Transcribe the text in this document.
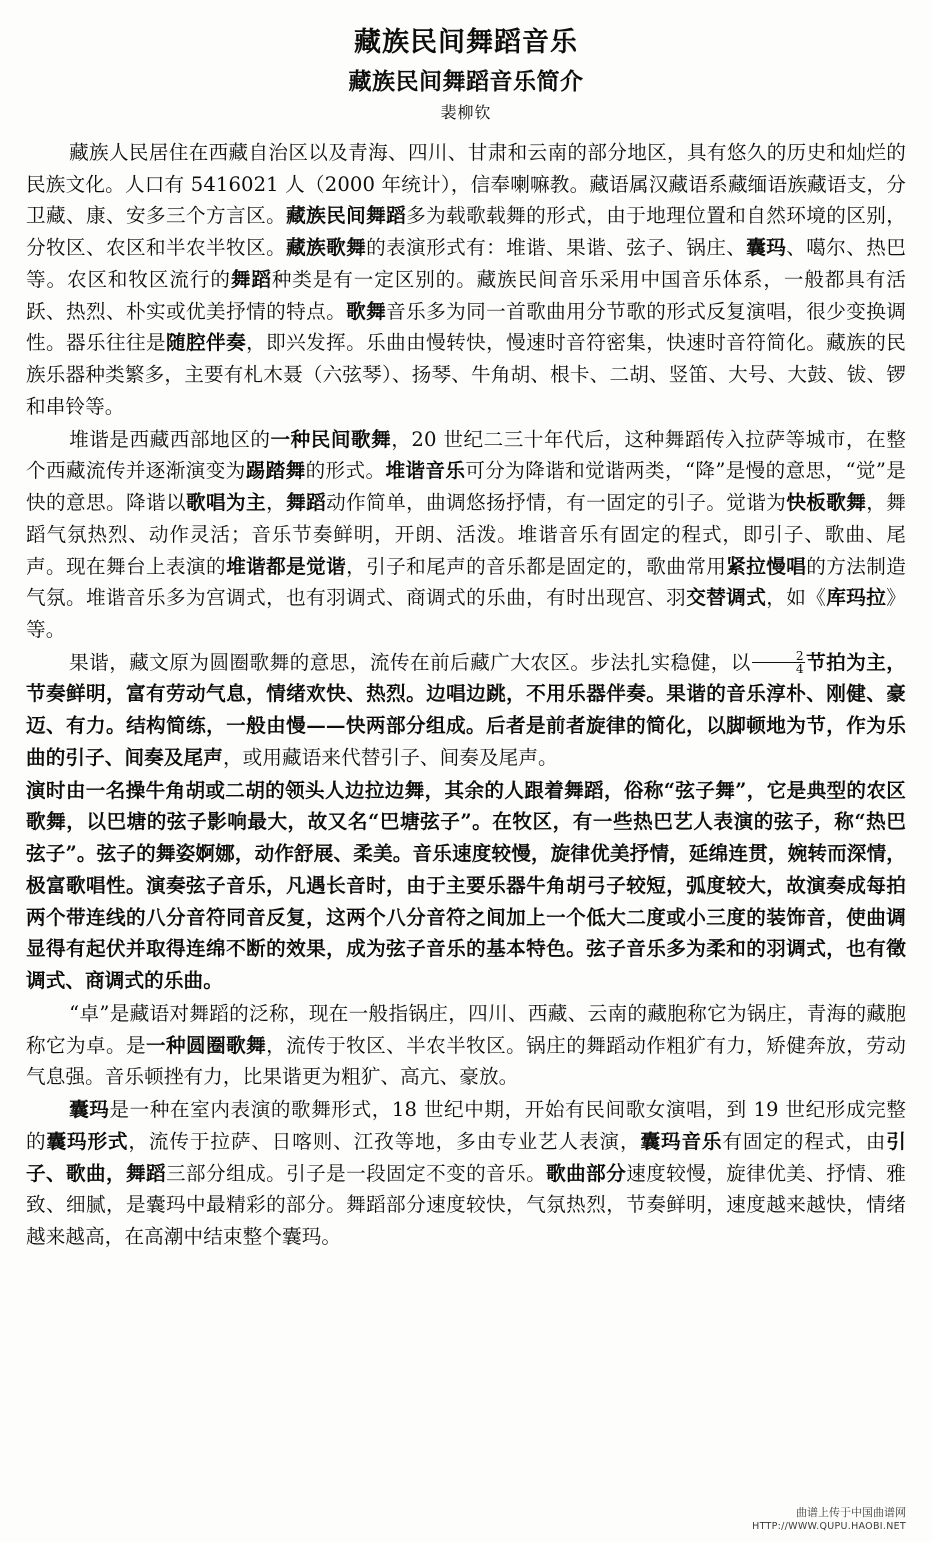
藏族民间舞蹈音乐
藏族民间舞蹈音乐简介
裴柳钦

藏族人民居住在西藏自治区以及青海、四川、甘肃和云南的部分地区，具有悠久的历史和灿烂的民族文化。人口有 5416021 人（2000 年统计），信奉喇嘛教。藏语属汉藏语系藏缅语族藏语支，分卫藏、康、安多三个方言区。藏族民间舞蹈多为载歌载舞的形式，由于地理位置和自然环境的区别，分牧区、农区和半农半牧区。藏族歌舞的表演形式有：堆谐、果谐、弦子、锅庄、囊玛、噶尔、热巴等。农区和牧区流行的舞蹈种类是有一定区别的。藏族民间音乐采用中国音乐体系，一般都具有活跃、热烈、朴实或优美抒情的特点。歌舞音乐多为同一首歌曲用分节歌的形式反复演唱，很少变换调性。器乐往往是随腔伴奏，即兴发挥。乐曲由慢转快，慢速时音符密集，快速时音符简化。藏族的民族乐器种类繁多，主要有札木聂（六弦琴）、扬琴、牛角胡、根卡、二胡、竖笛、大号、大鼓、钹、锣和串铃等。

堆谐是西藏西部地区的一种民间歌舞，20 世纪二三十年代后，这种舞蹈传入拉萨等城市，在整个西藏流传并逐渐演变为踢踏舞的形式。堆谐音乐可分为降谐和觉谐两类，“降”是慢的意思，“觉”是快的意思。降谐以歌唱为主，舞蹈动作简单，曲调悠扬抒情，有一固定的引子。觉谐为快板歌舞，舞蹈气氛热烈、动作灵活；音乐节奏鲜明，开朗、活泼。堆谐音乐有固定的程式，即引子、歌曲、尾声。现在舞台上表演的堆谐都是觉谐，引子和尾声的音乐都是固定的，歌曲常用紧拉慢唱的方法制造气氛。堆谐音乐多为宫调式，也有羽调式、商调式的乐曲，有时出现宫、羽交替调式，如《库玛拉》等。

果谐，藏文原为圆圈歌舞的意思，流传在前后藏广大农区。步法扎实稳健，以 $\frac{2}{4}$ 节拍为主，节奏鲜明，富有劳动气息，情绪欢快、热烈。边唱边跳，不用乐器伴奏。果谐的音乐淳朴、刚健、豪迈、有力。结构简练，一般由慢——快两部分组成。后者是前者旋律的简化，以脚顿地为节，作为乐曲的引子、间奏及尾声，或用藏语来代替引子、间奏及尾声。

演时由一名操牛角胡或二胡的领头人边拉边舞，其余的人跟着舞蹈，俗称“弦子舞”，它是典型的农区歌舞，以巴塘的弦子影响最大，故又名“巴塘弦子”。在牧区，有一些热巴艺人表演的弦子，称“热巴弦子”。弦子的舞姿婀娜，动作舒展、柔美。音乐速度较慢，旋律优美抒情，延绵连贯，婉转而深情，极富歌唱性。演奏弦子音乐，凡遇长音时，由于主要乐器牛角胡弓子较短，弧度较大，故演奏成每拍两个带连线的八分音符同音反复，这两个八分音符之间加上一个低大二度或小三度的装饰音，使曲调显得有起伏并取得连绵不断的效果，成为弦子音乐的基本特色。弦子音乐多为柔和的羽调式，也有徵调式、商调式的乐曲。

“卓”是藏语对舞蹈的泛称，现在一般指锅庄，四川、西藏、云南的藏胞称它为锅庄，青海的藏胞称它为卓。是一种圆圈歌舞，流传于牧区、半农半牧区。锅庄的舞蹈动作粗犷有力，矫健奔放，劳动气息强。音乐顿挫有力，比果谐更为粗犷、高亢、豪放。

囊玛是一种在室内表演的歌舞形式，18 世纪中期，开始有民间歌女演唱，到 19 世纪形成完整的囊玛形式，流传于拉萨、日喀则、江孜等地，多由专业艺人表演，囊玛音乐有固定的程式，由引子、歌曲，舞蹈三部分组成。引子是一段固定不变的音乐。歌曲部分速度较慢，旋律优美、抒情、雅致、细腻，是囊玛中最精彩的部分。舞蹈部分速度较快，气氛热烈，节奏鲜明，速度越来越快，情绪越来越高，在高潮中结束整个囊玛。

曲谱上传于中国曲谱网
HTTP://WWW.QUPU.HAOBI.NET
